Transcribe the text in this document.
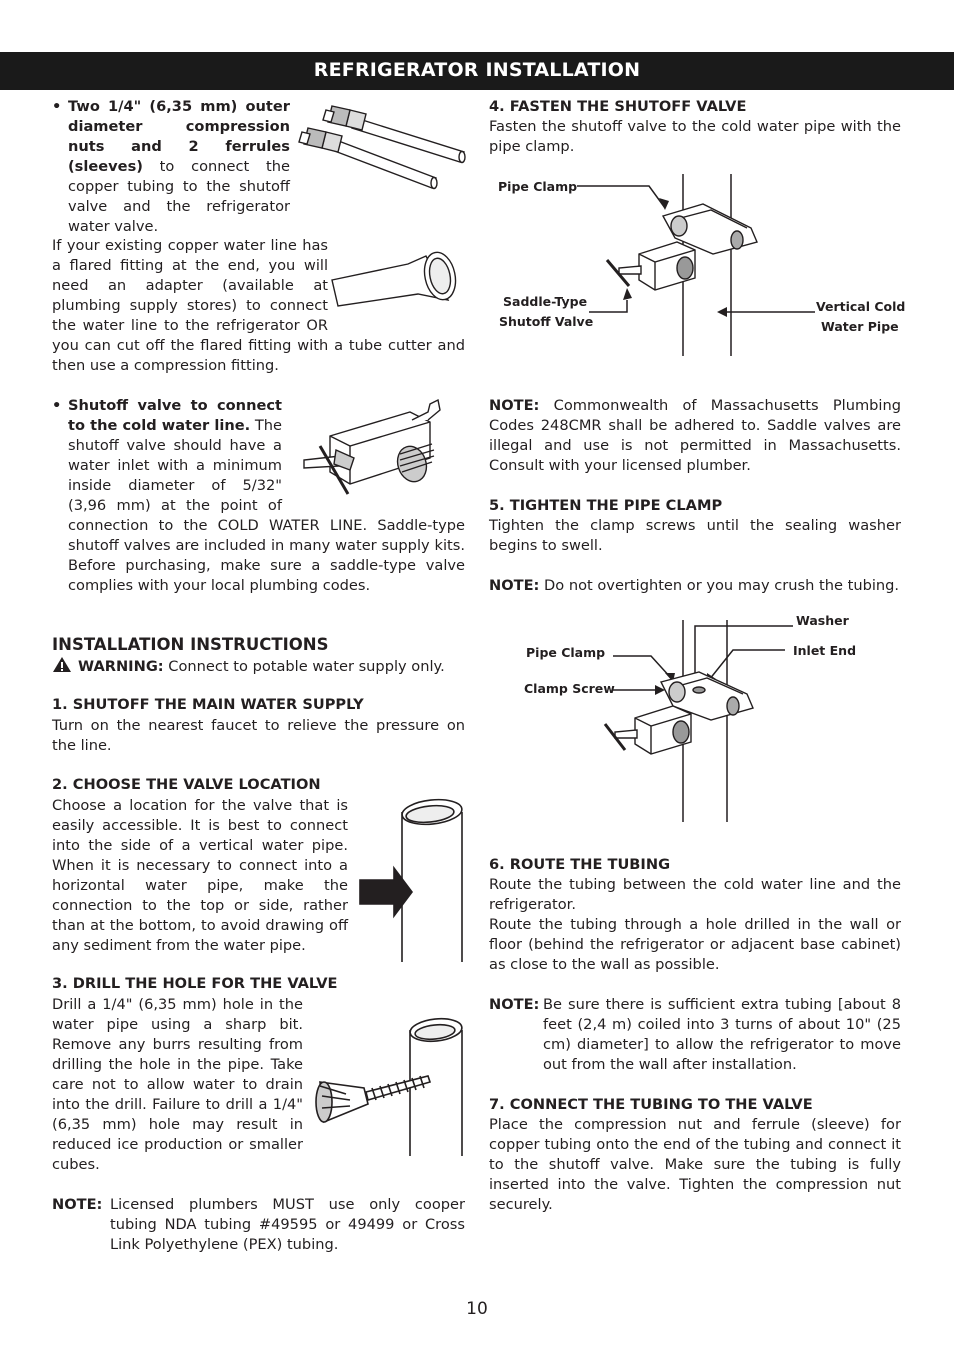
REFRIGERATOR INSTALLATION
• Two 1/4" (6,35 mm) outer diameter compression nuts and 2 ferrules (sleeves) to connect the copper tubing to the shutoff valve and the refrigerator water valve.

If your existing copper water line has a flared fitting at the end, you will need an adapter (available at plumbing supply stores) to connect the water line to the refrigerator OR you can cut off the flared fitting with a tube cutter and then use a compression fitting.
• Shutoff valve to connect to the cold water line. The shutoff valve should have a water inlet with a minimum inside diameter of 5/32" (3,96 mm) at the point of connection to the COLD WATER LINE. Saddle-type shutoff valves are included in many water supply kits. Before purchasing, make sure a saddle-type valve complies with your local plumbing codes.
INSTALLATION INSTRUCTIONS
WARNING: Connect to potable water supply only.

1. SHUTOFF THE MAIN WATER SUPPLY

Turn on the nearest faucet to relieve the pressure on the line.

2. CHOOSE THE VALVE LOCATION

Choose a location for the valve that is easily accessible. It is best to connect into the side of a vertical water pipe. When it is necessary to connect into a horizontal water pipe, make the connection to the top or side, rather than at the bottom, to avoid drawing off any sediment from the water pipe.

3. DRILL THE HOLE FOR THE VALVE

Drill a 1/4" (6,35 mm) hole in the water pipe using a sharp bit. Remove any burrs resulting from drilling the hole in the pipe. Take care not to allow water to drain into the drill. Failure to drill a 1/4" (6,35 mm) hole may result in reduced ice production or smaller cubes.

NOTE: Licensed plumbers MUST use only cooper tubing NDA tubing #49595 or 49499 or Cross Link Polyethylene (PEX) tubing.

4. FASTEN THE SHUTOFF VALVE

Fasten the shutoff valve to the cold water pipe with the pipe clamp.

Pipe Clamp
Saddle-Type
Shutoff Valve
Vertical Cold
Water Pipe

NOTE: Commonwealth of Massachusetts Plumbing Codes 248CMR shall be adhered to. Saddle valves are illegal and use is not permitted in Massachusetts. Consult with your licensed plumber.

5. TIGHTEN THE PIPE CLAMP

Tighten the clamp screws until the sealing washer begins to swell.

NOTE: Do not overtighten or you may crush the tubing.

Washer
Pipe Clamp	Inlet End
Clamp Screw

6. ROUTE THE TUBING

Route the tubing between the cold water line and the refrigerator.

Route the tubing through a hole drilled in the wall or floor (behind the refrigerator or adjacent base cabinet) as close to the wall as possible.

NOTE: Be sure there is sufficient extra tubing [about 8 feet (2,4 m) coiled into 3 turns of about 10" (25 cm) diameter] to allow the refrigerator to move out from the wall after installation.

7. CONNECT THE TUBING TO THE VALVE

Place the compression nut and ferrule (sleeve) for copper tubing onto the end of the tubing and connect it to the shutoff valve. Make sure the tubing is fully inserted into the valve. Tighten the compression nut securely.

10
